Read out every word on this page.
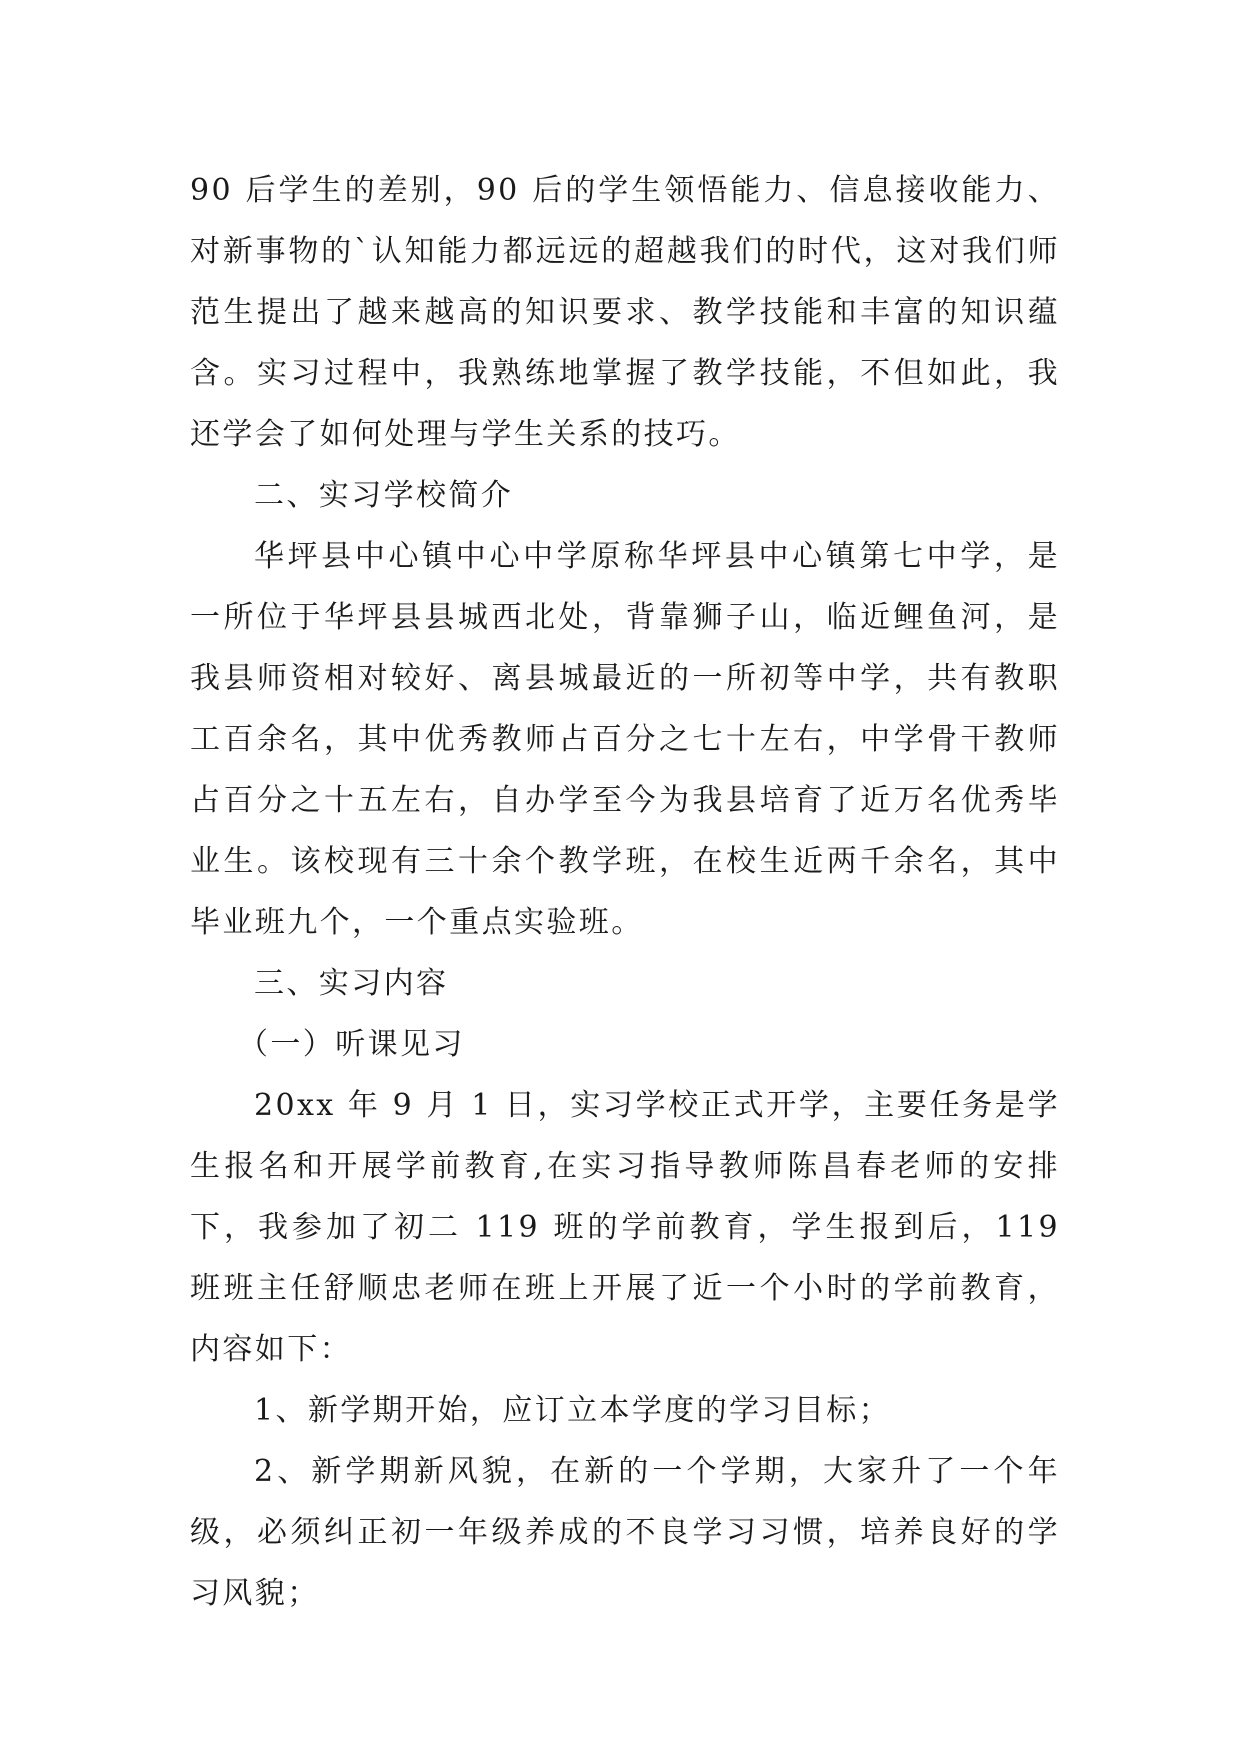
90 后学生的差别，90 后的学生领悟能力、信息接收能力、对新事物的`认知能力都远远的超越我们的时代，这对我们师范生提出了越来越高的知识要求、教学技能和丰富的知识蕴含。实习过程中，我熟练地掌握了教学技能，不但如此，我还学会了如何处理与学生关系的技巧。

二、实习学校简介

华坪县中心镇中心中学原称华坪县中心镇第七中学，是一所位于华坪县县城西北处，背靠狮子山，临近鲤鱼河，是我县师资相对较好、离县城最近的一所初等中学，共有教职工百余名，其中优秀教师占百分之七十左右，中学骨干教师占百分之十五左右，自办学至今为我县培育了近万名优秀毕业生。该校现有三十余个教学班，在校生近两千余名，其中毕业班九个，一个重点实验班。

三、实习内容

（一）听课见习

20xx 年 9 月 1 日，实习学校正式开学，主要任务是学生报名和开展学前教育,在实习指导教师陈昌春老师的安排下，我参加了初二 119 班的学前教育，学生报到后，119 班班主任舒顺忠老师在班上开展了近一个小时的学前教育，内容如下：

1、新学期开始，应订立本学度的学习目标；

2、新学期新风貌，在新的一个学期，大家升了一个年级，必须纠正初一年级养成的不良学习习惯，培养良好的学习风貌；
